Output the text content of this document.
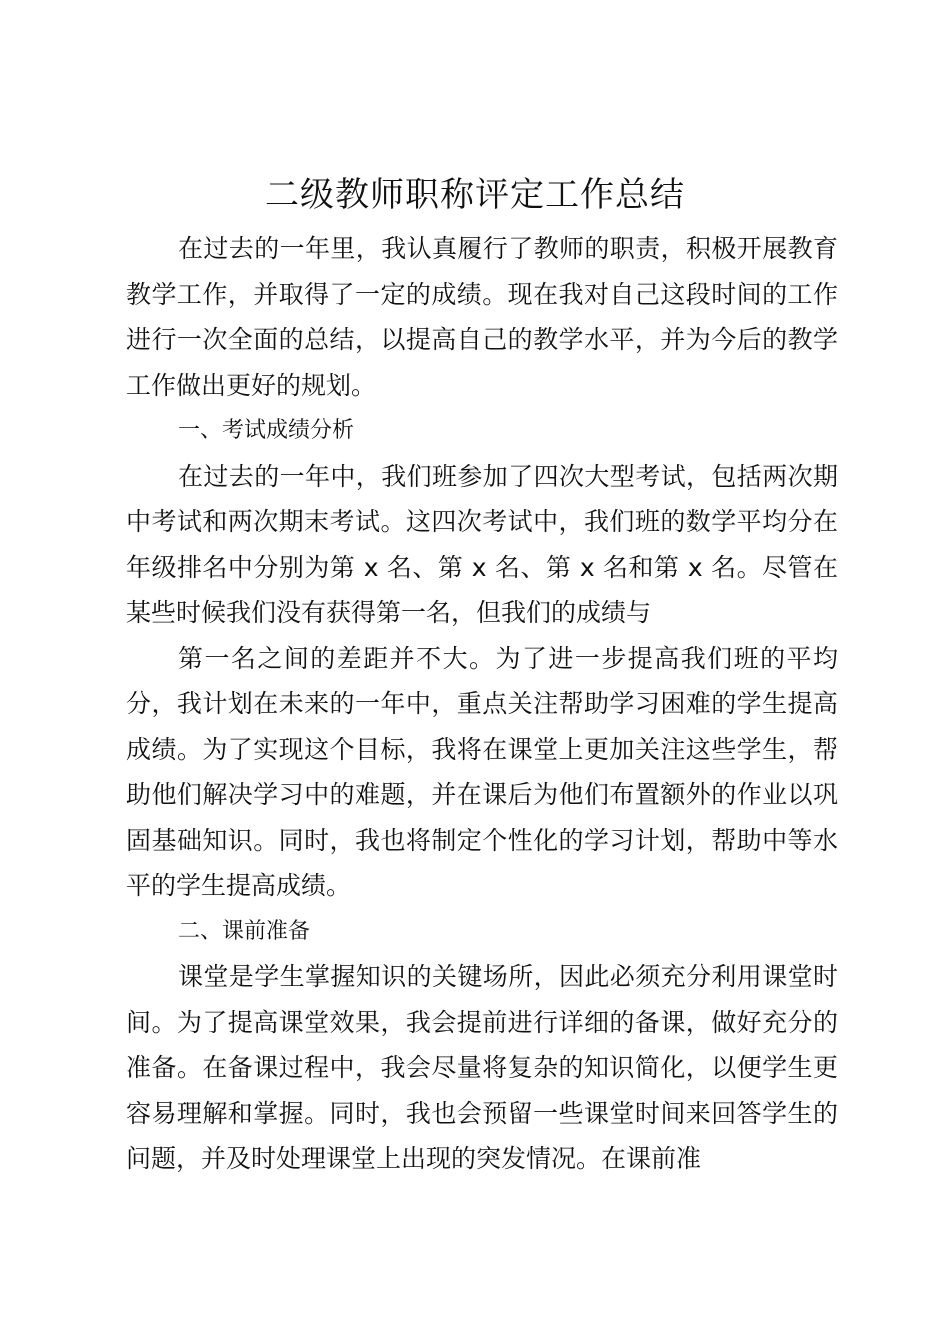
二级教师职称评定工作总结

在过去的一年里，我认真履行了教师的职责，积极开展教育教学工作，并取得了一定的成绩。现在我对自己这段时间的工作进行一次全面的总结，以提高自己的教学水平，并为今后的教学工作做出更好的规划。

一、考试成绩分析

在过去的一年中，我们班参加了四次大型考试，包括两次期中考试和两次期末考试。这四次考试中，我们班的数学平均分在年级排名中分别为第 x 名、第 x 名、第 x 名和第 x 名。尽管在某些时候我们没有获得第一名，但我们的成绩与

第一名之间的差距并不大。为了进一步提高我们班的平均分，我计划在未来的一年中，重点关注帮助学习困难的学生提高成绩。为了实现这个目标，我将在课堂上更加关注这些学生，帮助他们解决学习中的难题，并在课后为他们布置额外的作业以巩固基础知识。同时，我也将制定个性化的学习计划，帮助中等水平的学生提高成绩。

二、课前准备

课堂是学生掌握知识的关键场所，因此必须充分利用课堂时间。为了提高课堂效果，我会提前进行详细的备课，做好充分的准备。在备课过程中，我会尽量将复杂的知识简化，以便学生更容易理解和掌握。同时，我也会预留一些课堂时间来回答学生的问题，并及时处理课堂上出现的突发情况。在课前准
